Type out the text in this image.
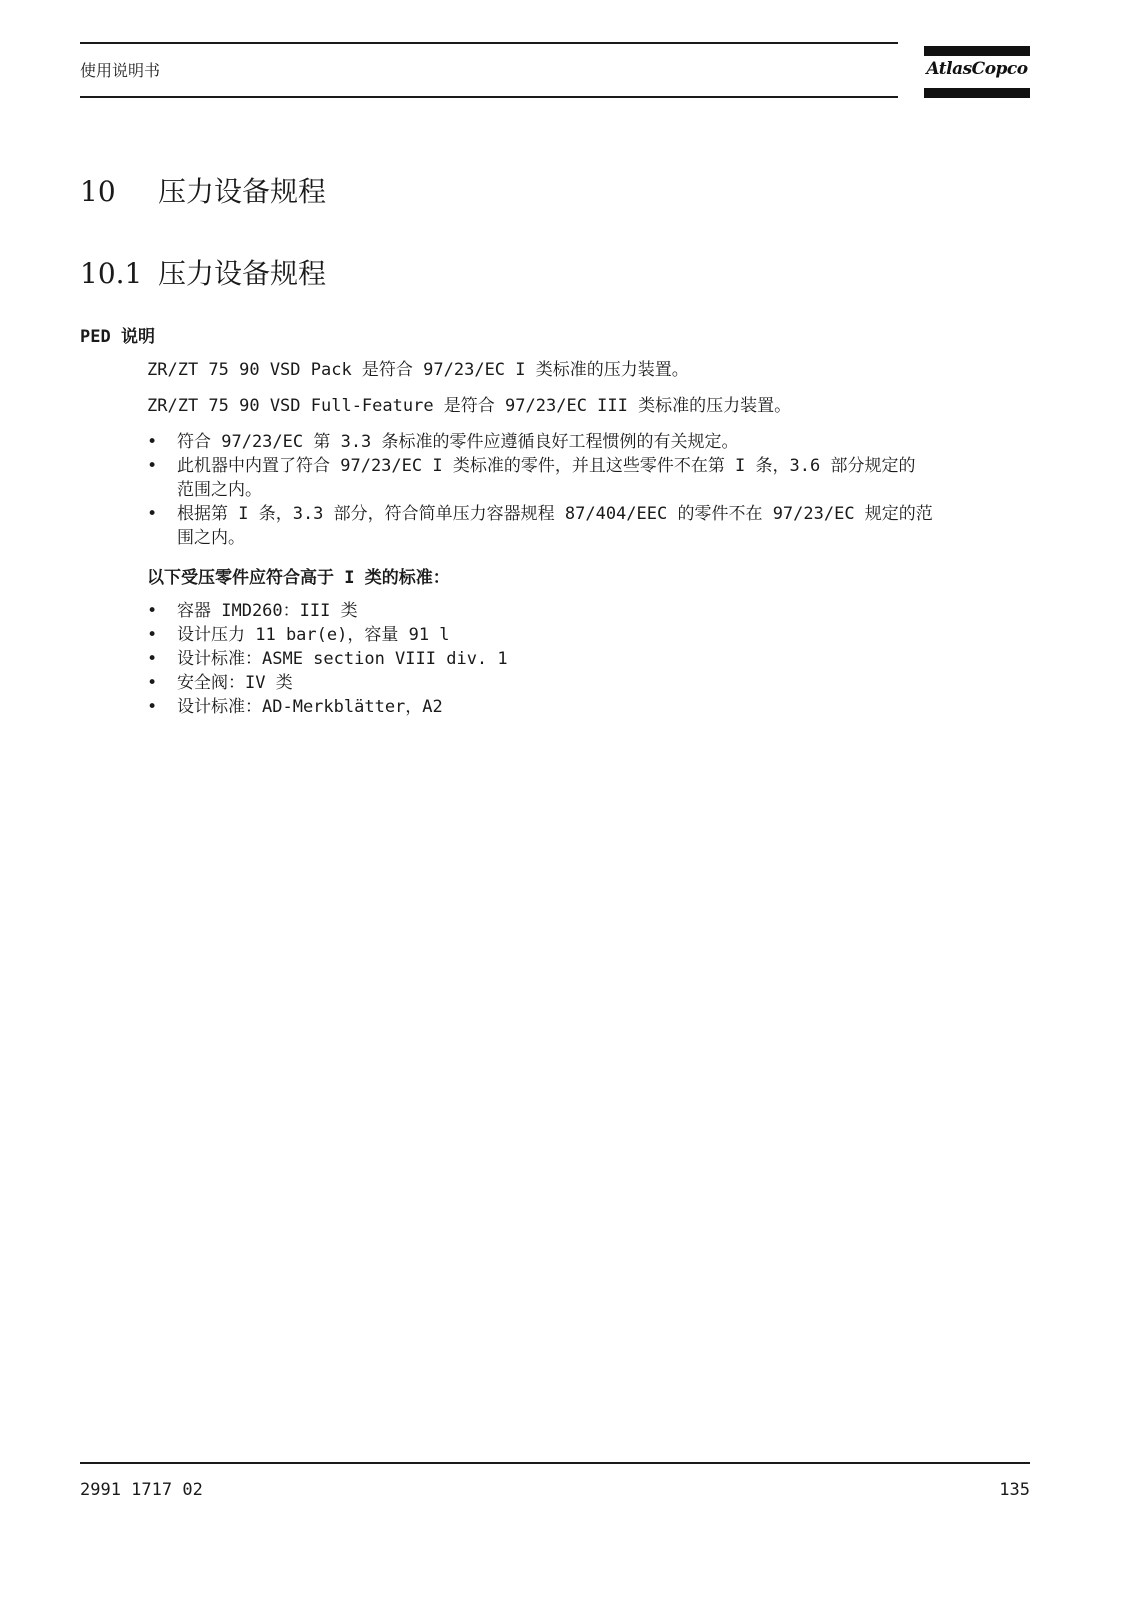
使用说明书	AtlasCopco
10 压力设备规程
10.1 压力设备规程
PED 说明
ZR/ZT 75 90 VSD Pack 是符合 97/23/EC I 类标准的压力装置。
ZR/ZT 75 90 VSD Full-Feature 是符合 97/23/EC III 类标准的压力装置。
• 符合 97/23/EC 第 3.3 条标准的零件应遵循良好工程惯例的有关规定。
• 此机器中内置了符合 97/23/EC I 类标准的零件，并且这些零件不在第 I 条，3.6 部分规定的
范围之内。
• 根据第 I 条，3.3 部分，符合简单压力容器规程 87/404/EEC 的零件不在 97/23/EC 规定的范
围之内。
以下受压零件应符合高于 I 类的标准：
• 容器 IMD260：III 类
• 设计压力 11 bar(e)，容量 91 l
• 设计标准：ASME section VIII div. 1
• 安全阀：IV 类
• 设计标准：AD-Merkblätter，A2
2991 1717 02	135
